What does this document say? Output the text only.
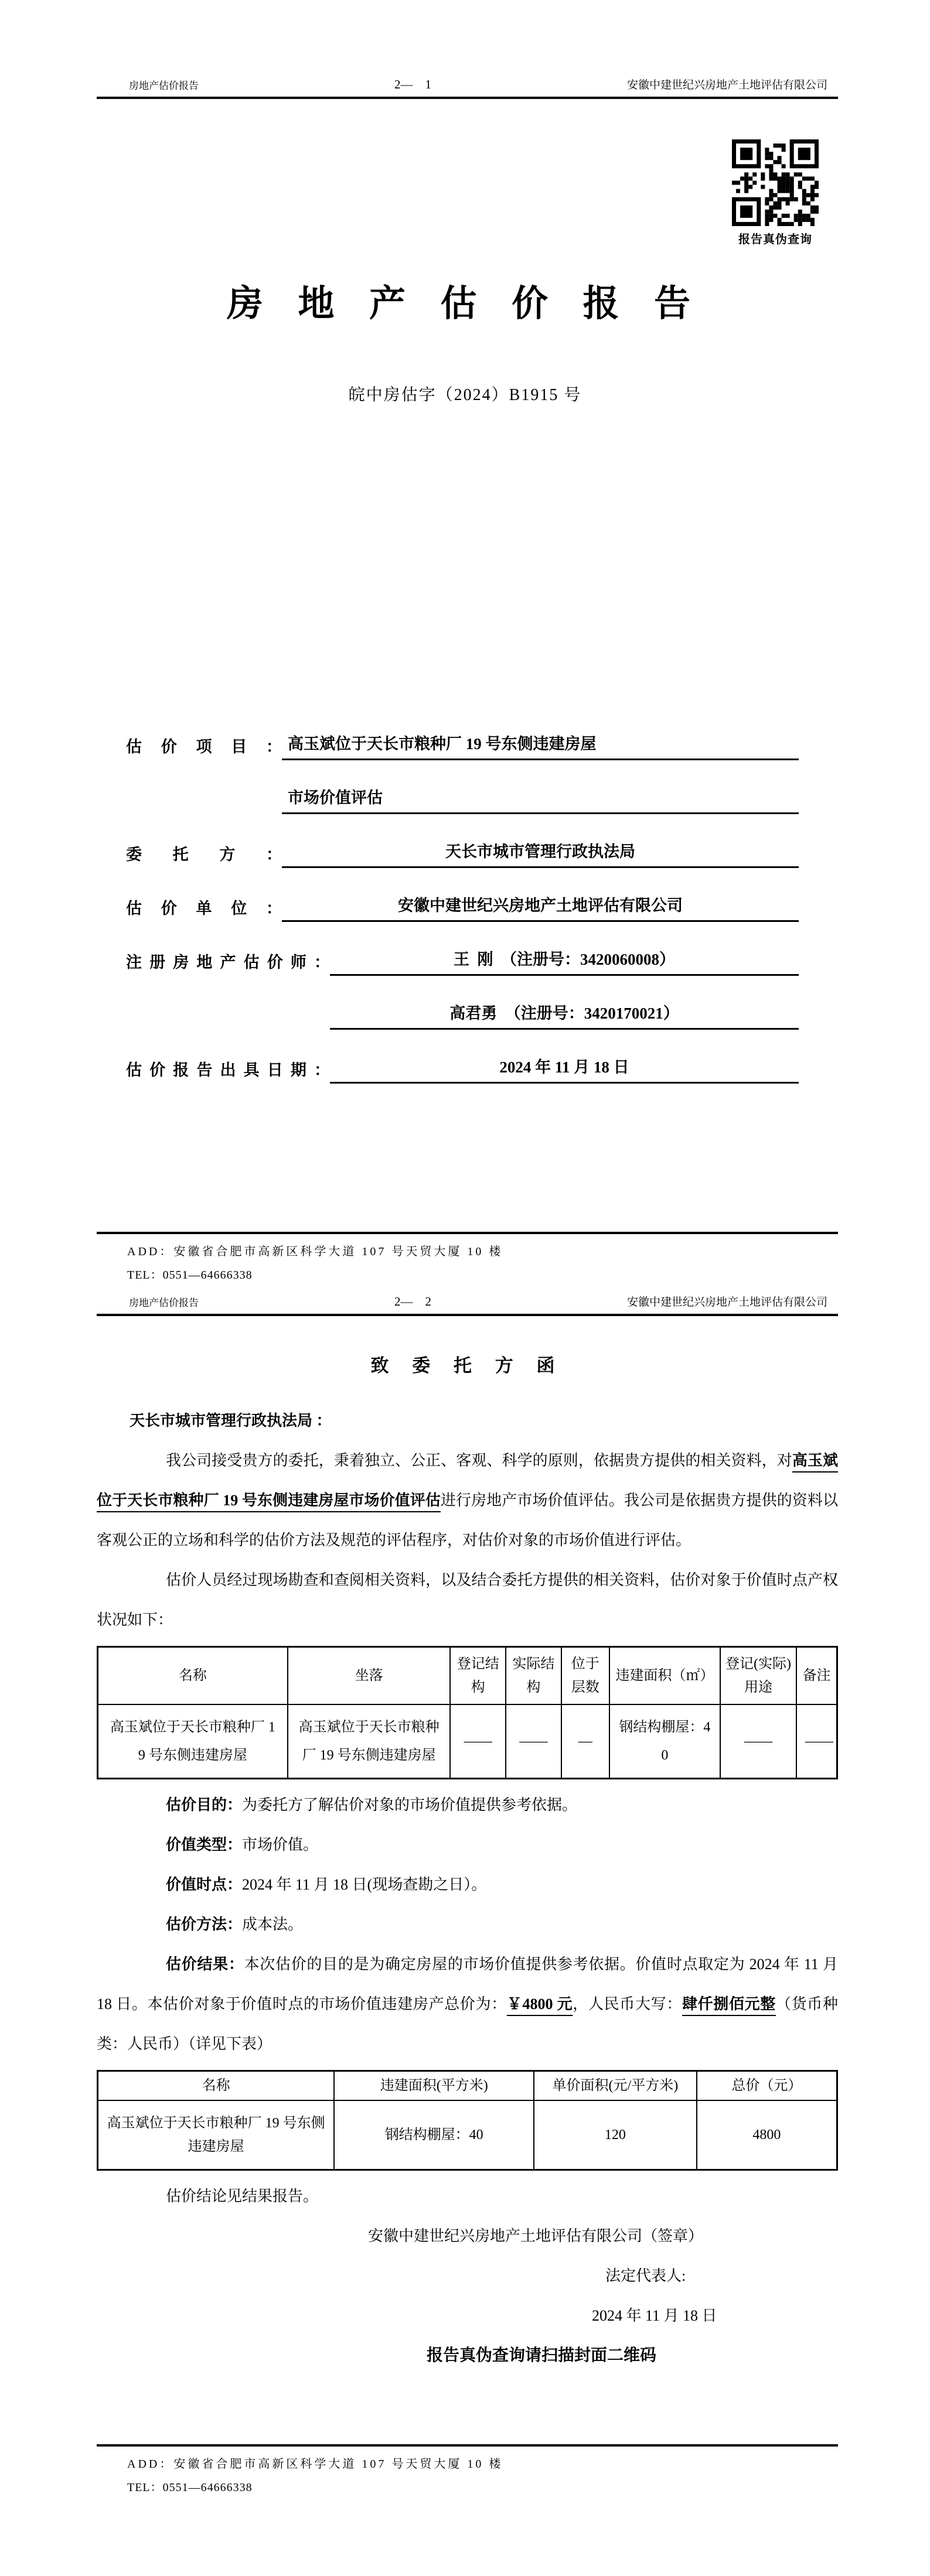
房地产估价报告	2—    1	安徽中建世纪兴房地产土地评估有限公司
报告真伪查询
房 地 产 估 价 报 告
皖中房估字（2024）B1915 号
估价项目： 高玉斌位于天长市粮种厂 19 号东侧违建房屋
市场价值评估
委托方：	天长市城市管理行政执法局
估价单位：	安徽中建世纪兴房地产土地评估有限公司
注册房地产估价师：	王  刚  （注册号：3420060008）
高君勇  （注册号：3420170021）
估价报告出具日期：	2024 年 11 月 18 日
ADD：安徽省合肥市高新区科学大道 107 号天贸大厦 10 楼
TEL：0551—64666338
房地产估价报告	2—    2	安徽中建世纪兴房地产土地评估有限公司
致 委 托 方 函
天长市城市管理行政执法局 ：
我公司接受贵方的委托，秉着独立、公正、客观、科学的原则，依据贵方提供的相关资料，对高玉斌位于天长市粮种厂 19 号东侧违建房屋市场价值评估进行房地产市场价值评估。我公司是依据贵方提供的资料以客观公正的立场和科学的估价方法及规范的评估程序，对估价对象的市场价值进行评估。
估价人员经过现场勘查和查阅相关资料，以及结合委托方提供的相关资料，估价对象于价值时点产权状况如下：
名称	坐落	登记结构	实际结构	位于层数	违建面积（㎡）	登记(实际)用途	备注
高玉斌位于天长市粮种厂 19 号东侧违建房屋	高玉斌位于天长市粮种厂 19 号东侧违建房屋	——	——	—	钢结构棚屋：40	——	——
估价目的：为委托方了解估价对象的市场价值提供参考依据。
价值类型：市场价值。
价值时点：2024 年 11 月 18 日(现场查勘之日）。
估价方法：成本法。
估价结果：本次估价的目的是为确定房屋的市场价值提供参考依据。价值时点取定为 2024 年 11 月 18 日。本估价对象于价值时点的市场价值违建房产总价为：￥4800 元，人民币大写：肆仟捌佰元整（货币种类：人民币）（详见下表）
名称	违建面积(平方米)	单价面积(元/平方米)	总价（元）
高玉斌位于天长市粮种厂 19 号东侧违建房屋	钢结构棚屋：40	120	4800
估价结论见结果报告。
安徽中建世纪兴房地产土地评估有限公司（签章）
法定代表人:
2024 年 11 月 18 日
报告真伪查询请扫描封面二维码
ADD：安徽省合肥市高新区科学大道 107 号天贸大厦 10 楼
TEL：0551—64666338
